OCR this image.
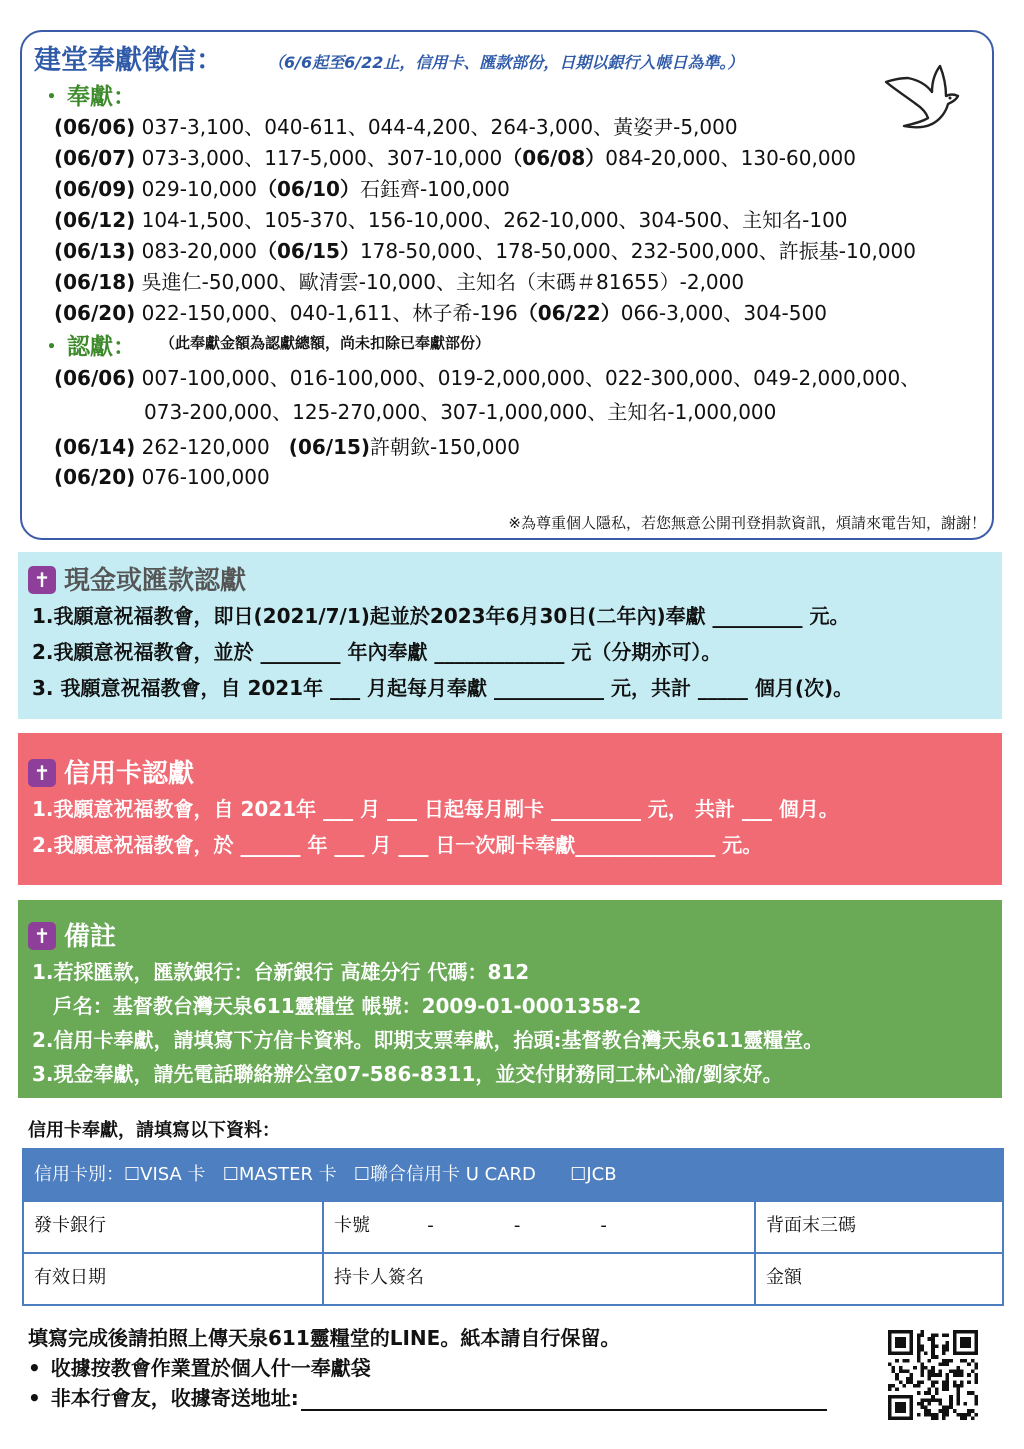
建堂奉獻徵信：	（6/6起至6/22止，信用卡、匯款部份，日期以銀行入帳日為準。）
・ 奉獻：
(06/06) 037-3,100、040-611、044-4,200、264-3,000、黃姿尹-5,000
(06/07) 073-3,000、117-5,000、307-10,000（06/08）084-20,000、130-60,000
(06/09) 029-10,000（06/10）石鈺齊-100,000
(06/12) 104-1,500、105-370、156-10,000、262-10,000、304-500、主知名-100
(06/13) 083-20,000（06/15）178-50,000、178-50,000、232-500,000、許振基-10,000
(06/18) 吳進仁-50,000、歐清雲-10,000、主知名（末碼＃81655）-2,000
(06/20) 022-150,000、040-1,611、林子希-196（06/22）066-3,000、304-500
・ 認獻： （此奉獻金額為認獻總額，尚未扣除已奉獻部份）
(06/06) 007-100,000、016-100,000、019-2,000,000、022-300,000、049-2,000,000、
073-200,000、125-270,000、307-1,000,000、主知名-1,000,000
(06/14) 262-120,000 (06/15)許朝欽-150,000
(06/20) 076-100,000
※為尊重個人隱私，若您無意公開刊登捐款資訊，煩請來電告知，謝謝！
✝ 現金或匯款認獻
1.我願意祝福教會，即日(2021/7/1)起並於2023年6月30日(二年內)奉獻 _________ 元。
2.我願意祝福教會，並於 ________ 年內奉獻 _____________ 元（分期亦可）。
3. 我願意祝福教會，自 2021年 ___ 月起每月奉獻 ___________ 元，共計 _____ 個月(次)。
✝ 信用卡認獻
1.我願意祝福教會，自 2021年 ___ 月 ___ 日起每月刷卡 _________ 元， 共計 ___ 個月。
2.我願意祝福教會，於 ______ 年 ___ 月 ___ 日一次刷卡奉獻______________ 元。
✝ 備註
1.若採匯款，匯款銀行：台新銀行 高雄分行 代碼：812
戶名：基督教台灣天泉611靈糧堂 帳號：2009-01-0001358-2
2.信用卡奉獻，請填寫下方信卡資料。即期支票奉獻，抬頭:基督教台灣天泉611靈糧堂。
3.現金奉獻，請先電話聯絡辦公室07-586-8311，並交付財務同工林心渝/劉家妤。
信用卡奉獻，請填寫以下資料：
信用卡別：☐VISA 卡   ☐MASTER 卡   ☐聯合信用卡 U CARD      ☐JCB
發卡銀行	卡號          -              -              -	背面末三碼
有效日期	持卡人簽名	金額
填寫完成後請拍照上傳天泉611靈糧堂的LINE。紙本請自行保留。
• 收據按教會作業置於個人什一奉獻袋
• 非本行會友，收據寄送地址:
